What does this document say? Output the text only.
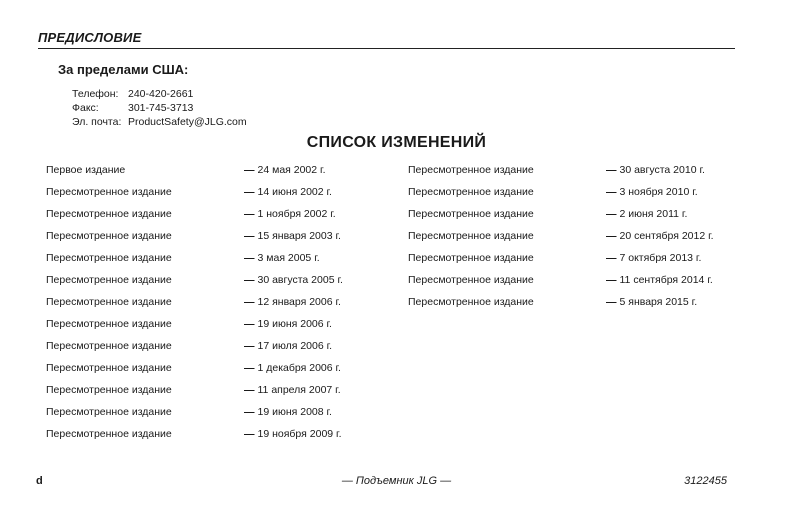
ПРЕДИСЛОВИЕ
За пределами США:
Телефон: 240-420-2661
Факс:	301-745-3713
Эл. почта: ProductSafety@JLG.com
СПИСОК ИЗМЕНЕНИЙ
Первое издание	— 24 мая 2002 г.
Пересмотренное издание	— 14 июня 2002 г.
Пересмотренное издание	— 1 ноября 2002 г.
Пересмотренное издание	— 15 января 2003 г.
Пересмотренное издание	— 3 мая 2005 г.
Пересмотренное издание	— 30 августа 2005 г.
Пересмотренное издание	— 12 января 2006 г.
Пересмотренное издание	— 19 июня 2006 г.
Пересмотренное издание	— 17 июля 2006 г.
Пересмотренное издание	— 1 декабря 2006 г.
Пересмотренное издание	— 11 апреля 2007 г.
Пересмотренное издание	— 19 июня 2008 г.
Пересмотренное издание	— 19 ноября 2009 г.
Пересмотренное издание	— 30 августа 2010 г.
Пересмотренное издание	— 3 ноября 2010 г.
Пересмотренное издание	— 2 июня 2011 г.
Пересмотренное издание	— 20 сентября 2012 г.
Пересмотренное издание	— 7 октября 2013 г.
Пересмотренное издание	— 11 сентября 2014 г.
Пересмотренное издание	— 5 января 2015 г.
d	— Подъемник JLG —	3122455
